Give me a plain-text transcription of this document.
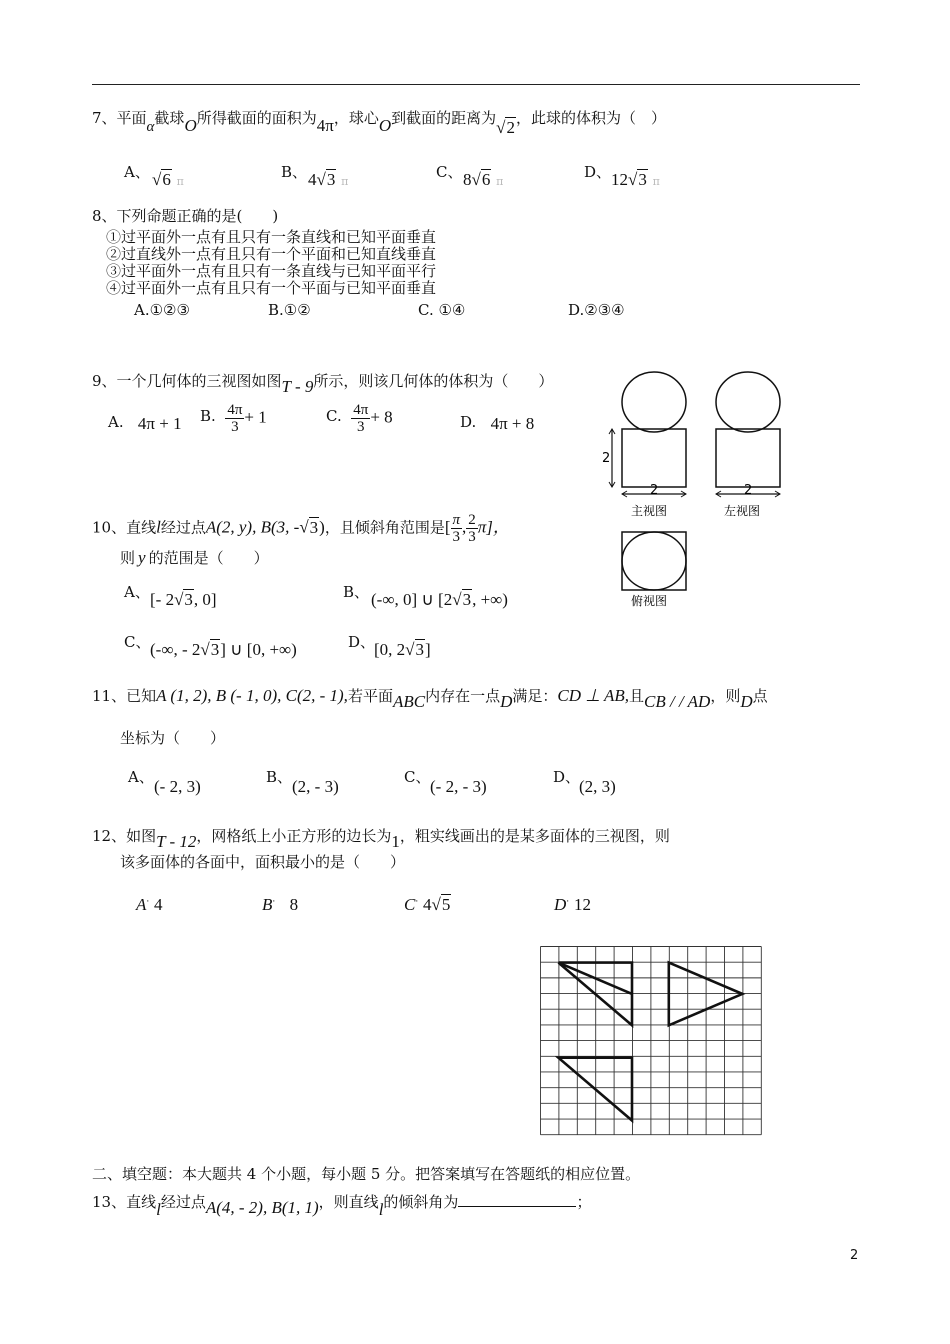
7、平面α截球O所得截面的面积为4π，球心O到截面的距离为√2，此球的体积为（　）
A、 √6 π
B、 4√3 π
C、 8√6 π
D、 12√3 π
8、下列命题正确的是(　　)
①过平面外一点有且只有一条直线和已知平面垂直
②过直线外一点有且只有一个平面和已知直线垂直
③过平面外一点有且只有一条直线与已知平面平行
④过平面外一点有且只有一个平面与已知平面垂直
A.①②③	B.①②	C. ①④	D.②③④
9、一个几何体的三视图如图T - 9所示，则该几何体的体积为（　　）
A. 4π + 1 B. $\frac{4\pi}{3} + 1$	C. $\frac{4\pi}{3} + 8$	D. 4π + 8
2
2
主视图
2
左视图
俯视图
10、直线l经过点A(2, y), B(3, -√3)，且倾斜角范围是[ $\frac{\pi}{3}$ , $\frac{2}{3} \pi$]，
则 y 的范围是（　　）
A、 [- 2√3, 0]	B、 (-∞, 0] ∪ [2√3, +∞)
C、 (-∞, - 2√3] ∪ [0, +∞)	D、
[0, 2√3]
11、已知A (1, 2), B (- 1, 0), C(2, - 1),若平面ABC内存在一点D满足：CD ⊥ AB,且CB / / AD，则D点
坐标为（　　）
A、 (- 2, 3)	B、 (2, - 3)	C、 (- 2, - 3)	D、
(2, 3)
12、如图T - 12，网格纸上小正方形的边长为1，粗实线画出的是某多面体的三视图，则
该多面体的各面中，面积最小的是（　　）
A· 4	B· 8	C· 4√5	D· 12
二、填空题：本大题共 4 个小题，每小题 5 分。把答案填写在答题纸的相应位置。
13、直线l经过点A(4, - 2), B(1, 1)，则直线l的倾斜角为	；
2
